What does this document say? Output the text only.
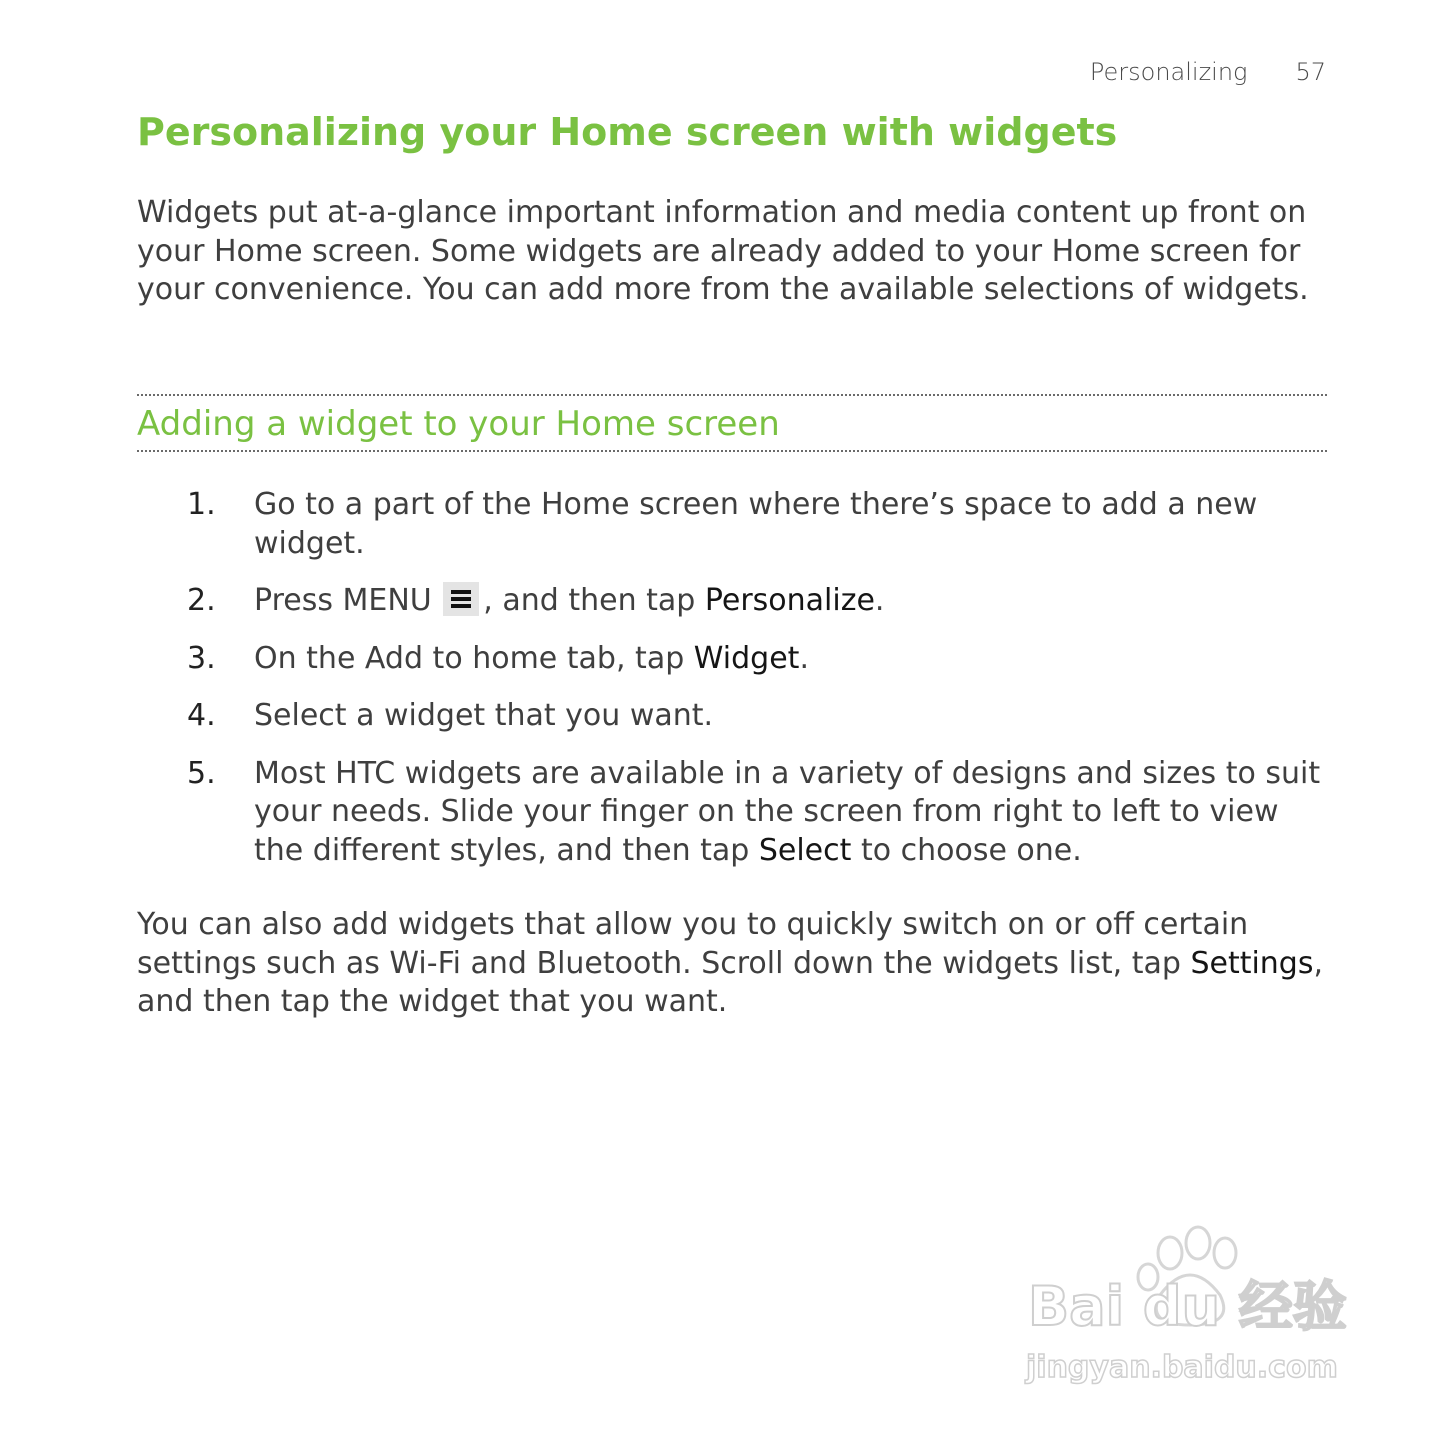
Personalizing 57
Personalizing your Home screen with widgets

Widgets put at-a-glance important information and media content up front on your Home screen. Some widgets are already added to your Home screen for your convenience. You can add more from the available selections of widgets.

Adding a widget to your Home screen
1.	Go to a part of the Home screen where there’s space to add a new widget.
2.	Press MENU , and then tap Personalize.
3.	On the Add to home tab, tap Widget.
4.	Select a widget that you want.
5.	Most HTC widgets are available in a variety of designs and sizes to suit your needs. Slide your finger on the screen from right to left to view the different styles, and then tap Select to choose one.

You can also add widgets that allow you to quickly switch on or off certain settings such as Wi-Fi and Bluetooth. Scroll down the widgets list, tap Settings, and then tap the widget that you want.

Bai du 经验
jingyan.baidu.com
